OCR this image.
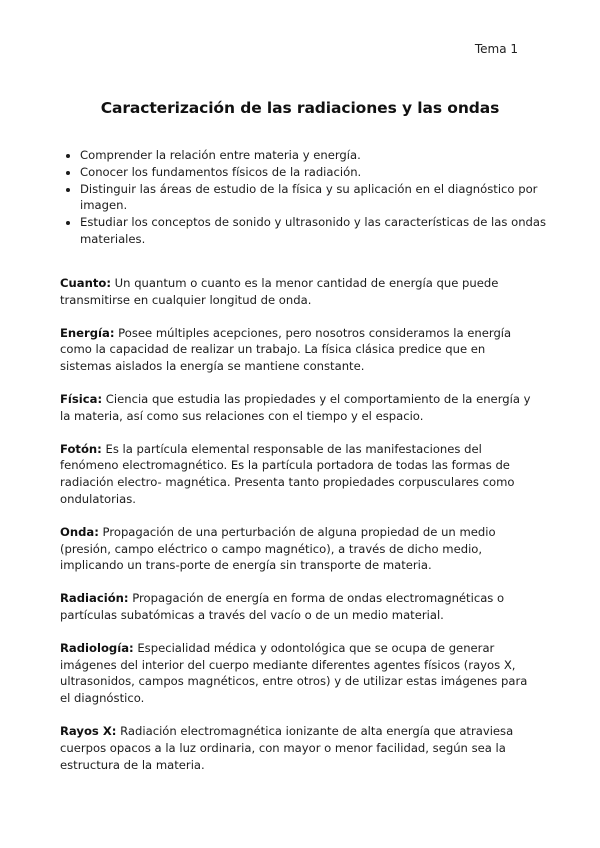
Tema 1
Caracterización de las radiaciones y las ondas
• Comprender la relación entre materia y energía.
• Conocer los fundamentos físicos de la radiación.
• Distinguir las áreas de estudio de la física y su aplicación en el diagnóstico por imagen.
• Estudiar los conceptos de sonido y ultrasonido y las características de las ondas materiales.

Cuanto: Un quantum o cuanto es la menor cantidad de energía que puede transmitirse en cualquier longitud de onda.

Energía: Posee múltiples acepciones, pero nosotros consideramos la energía como la capacidad de realizar un trabajo. La física clásica predice que en sistemas aislados la energía se mantiene constante.

Física: Ciencia que estudia las propiedades y el comportamiento de la energía y la materia, así como sus relaciones con el tiempo y el espacio.

Fotón: Es la partícula elemental responsable de las manifestaciones del fenómeno electromagnético. Es la partícula portadora de todas las formas de radiación electro- magnética. Presenta tanto propiedades corpusculares como ondulatorias.

Onda: Propagación de una perturbación de alguna propiedad de un medio (presión, campo eléctrico o campo magnético), a través de dicho medio, implicando un trans-porte de energía sin transporte de materia.

Radiación: Propagación de energía en forma de ondas electromagnéticas o partículas subatómicas a través del vacío o de un medio material.

Radiología: Especialidad médica y odontológica que se ocupa de generar imágenes del interior del cuerpo mediante diferentes agentes físicos (rayos X, ultrasonidos, campos magnéticos, entre otros) y de utilizar estas imágenes para el diagnóstico.

Rayos X: Radiación electromagnética ionizante de alta energía que atraviesa cuerpos opacos a la luz ordinaria, con mayor o menor facilidad, según sea la estructura de la materia.
